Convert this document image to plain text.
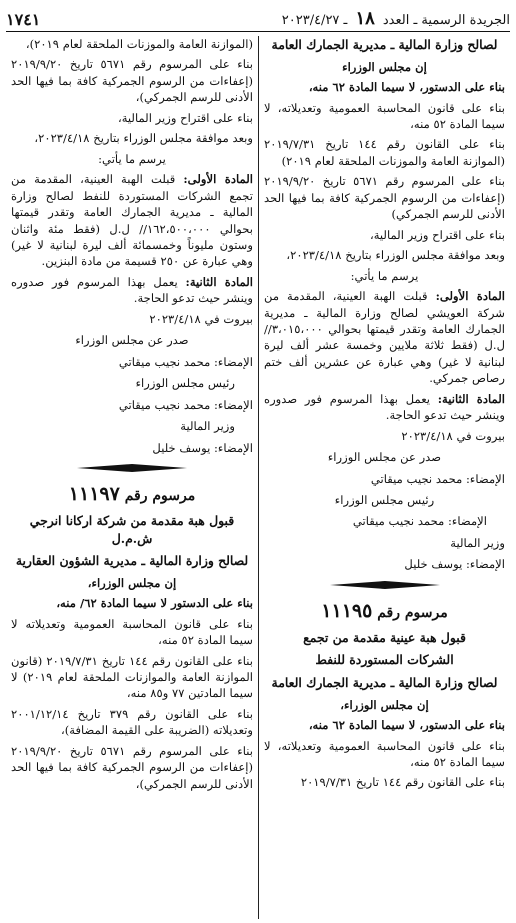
الجريدة الرسمية ـ العدد ١٨ ـ ٢٠٢٣/٤/٢٧
١٧٤١
لصالح وزارة المالية ـ مديرية الجمارك العامة
إن مجلس الوزراء
بناء على الدستور، لا سيما المادة ٦٢ منه،
بناء على قانون المحاسبة العمومية وتعديلاته، لا سيما المادة ٥٢ منه،
بناء على القانون رقم ١٤٤ تاريخ ٢٠١٩/٧/٣١ (الموازنة العامة والموزنات الملحقة لعام ٢٠١٩)
بناء على المرسوم رقم ٥٦٧١ تاريخ ٢٠١٩/٩/٢٠ (إعفاءات من الرسوم الجمركية كافة بما فيها الحد الأدنى للرسم الجمركي)
بناء على اقتراح وزير المالية،
وبعد موافقة مجلس الوزراء بتاريخ ٢٠٢٣/٤/١٨،
يرسم ما يأتي:
المادة الأولى: قبلت الهبة العينية، المقدمة من شركة العويشي لصالح وزارة المالية ـ مديرية الجمارك العامة وتقدر قيمتها بحوالي ٣،٠١٥،٠٠٠// ل.ل (فقط ثلاثة ملايين وخمسة عشر ألف ليرة لبنانية لا غير) وهي عبارة عن عشرين ألف ختم رصاص جمركي.
المادة الثانية: يعمل بهذا المرسوم فور صدوره وينشر حيث تدعو الحاجة.
بيروت في ٢٠٢٣/٤/١٨
صدر عن مجلس الوزراء
الإمضاء: محمد نجيب ميقاتي
رئيس مجلس الوزراء
الإمضاء: محمد نجيب ميقاتي
وزير المالية
الإمضاء: يوسف خليل
مرسوم رقم ١١١٩٥
قبول هبة عينية مقدمة من تجمع
الشركات المستوردة للنفط
لصالح وزارة المالية ـ مديرية الجمارك العامة
إن مجلس الوزراء،
بناء على الدستور، لا سيما المادة ٦٢ منه،
بناء على قانون المحاسبة العمومية وتعديلاته، لا سيما المادة ٥٢ منه،
بناء على القانون رقم ١٤٤ تاريخ ٢٠١٩/٧/٣١
(الموازنة العامة والموزنات الملحقة لعام ٢٠١٩)،
بناء على المرسوم رقم ٥٦٧١ تاريخ ٢٠١٩/٩/٢٠ (إعفاءات من الرسوم الجمركية كافة بما فيها الحد الأدنى للرسم الجمركي)،
بناء على اقتراح وزير المالية،
وبعد موافقة مجلس الوزراء بتاريخ ٢٠٢٣/٤/١٨،
يرسم ما يأتي:
المادة الأولى: قبلت الهبة العينية، المقدمة من تجمع الشركات المستوردة للنفط لصالح وزارة المالية ـ مديرية الجمارك العامة وتقدر قيمتها بحوالي ١٦٢،٥٠٠،٠٠٠// ل.ل (فقط مئة واثنان وستون مليوناً وخمسمائة ألف ليرة لبنانية لا غير) وهي عبارة عن ٢٥٠ قسيمة من مادة البنزين.
المادة الثانية: يعمل بهذا المرسوم فور صدوره وينشر حيث تدعو الحاجة.
بيروت في ٢٠٢٣/٤/١٨
صدر عن مجلس الوزراء
الإمضاء: محمد نجيب ميقاتي
رئيس مجلس الوزراء
الإمضاء: محمد نجيب ميقاتي
وزير المالية
الإمضاء: يوسف خليل
مرسوم رقم ١١١٩٧
قبول هبة مقدمة من شركة اركانا انرجي ش.م.ل
لصالح وزارة المالية ـ مديرية الشؤون العقارية
إن مجلس الوزراء،
بناء على الدستور لا سيما المادة ٦٢/ منه،
بناء على قانون المحاسبة العمومية وتعديلاته لا سيما المادة ٥٢ منه،
بناء على القانون رقم ١٤٤ تاريخ ٢٠١٩/٧/٣١ (قانون الموازنة العامة والموازنات الملحقة لعام ٢٠١٩) لا سيما المادتين ٧٧ و٨٥ منه،
بناء على القانون رقم ٣٧٩ تاريخ ٢٠٠١/١٢/١٤ وتعديلاته (الضريبة على القيمة المضافة)،
بناء على المرسوم رقم ٥٦٧١ تاريخ ٢٠١٩/٩/٢٠ (إعفاءات من الرسوم الجمركية كافة بما فيها الحد الأدنى للرسم الجمركي)،
